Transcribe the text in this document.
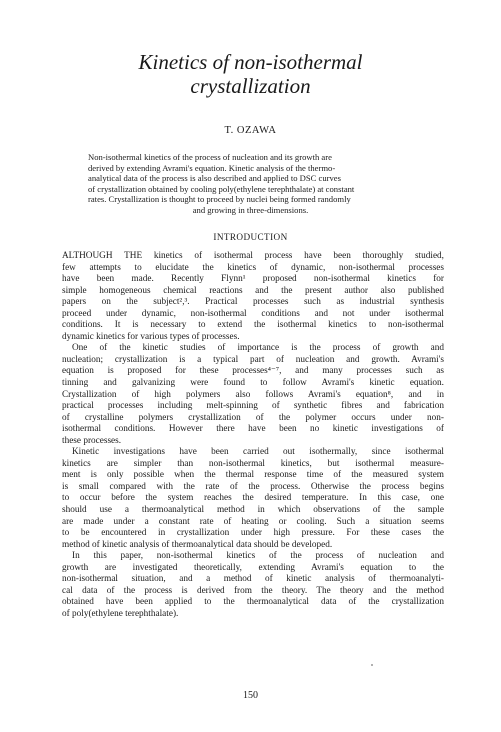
Kinetics of non-isothermal
crystallization
T. OZAWA
Non-isothermal kinetics of the process of nucleation and its growth are
derived by extending Avrami's equation. Kinetic analysis of the thermo-
analytical data of the process is also described and applied to DSC curves
of crystallization obtained by cooling poly(ethylene terephthalate) at constant
rates. Crystallization is thought to proceed by nuclei being formed randomly
and growing in three-dimensions.
INTRODUCTION
ALTHOUGH THE kinetics of isothermal process have been thoroughly studied,
few attempts to elucidate the kinetics of dynamic, non-isothermal processes
have been made. Recently Flynn¹ proposed non-isothermal kinetics for
simple homogeneous chemical reactions and the present author also published
papers on the subject²,³. Practical processes such as industrial synthesis
proceed under dynamic, non-isothermal conditions and not under isothermal
conditions. It is necessary to extend the isothermal kinetics to non-isothermal
dynamic kinetics for various types of processes.
One of the kinetic studies of importance is the process of growth and
nucleation; crystallization is a typical part of nucleation and growth. Avrami's
equation is proposed for these processes⁴⁻⁷, and many processes such as
tinning and galvanizing were found to follow Avrami's kinetic equation.
Crystallization of high polymers also follows Avrami's equation⁸, and in
practical processes including melt-spinning of synthetic fibres and fabrication
of crystalline polymers crystallization of the polymer occurs under non-
isothermal conditions. However there have been no kinetic investigations of
these processes.
Kinetic investigations have been carried out isothermally, since isothermal
kinetics are simpler than non-isothermal kinetics, but isothermal measure-
ment is only possible when the thermal response time of the measured system
is small compared with the rate of the process. Otherwise the process begins
to occur before the system reaches the desired temperature. In this case, one
should use a thermoanalytical method in which observations of the sample
are made under a constant rate of heating or cooling. Such a situation seems
to be encountered in crystallization under high pressure. For these cases the
method of kinetic analysis of thermoanalytical data should be developed.
In this paper, non-isothermal kinetics of the process of nucleation and
growth are investigated theoretically, extending Avrami's equation to the
non-isothermal situation, and a method of kinetic analysis of thermoanalyti-
cal data of the process is derived from the theory. The theory and the method
obtained have been applied to the thermoanalytical data of the crystallization
of poly(ethylene terephthalate).
150
